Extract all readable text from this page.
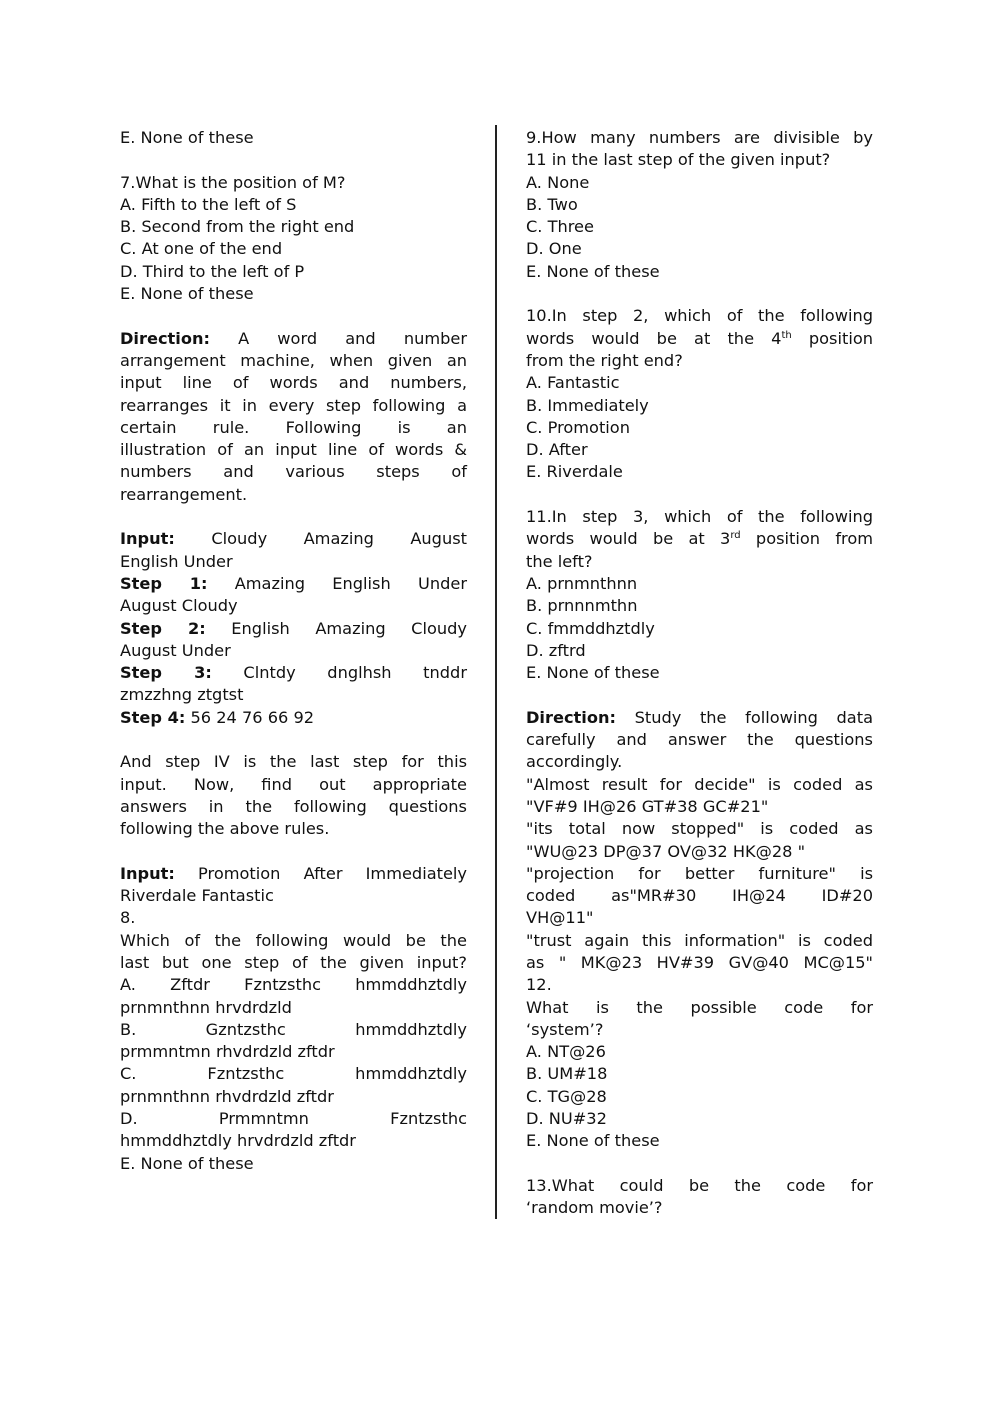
E. None of these

7.What is the position of M?
A. Fifth to the left of S
B. Second from the right end
C. At one of the end
D. Third to the left of P
E. None of these

Direction: A word and number
arrangement machine, when given an
input line of words and numbers,
rearranges it in every step following a
certain rule. Following is an
illustration of an input line of words &
numbers and various steps of
rearrangement.

Input: Cloudy Amazing August
English Under
Step 1: Amazing English Under
August Cloudy
Step 2: English Amazing Cloudy
August Under
Step 3: Clntdy dnglhsh tnddr
zmzzhng ztgtst
Step 4: 56 24 76 66 92

And step IV is the last step for this
input. Now, find out appropriate
answers in the following questions
following the above rules.

Input: Promotion After Immediately
Riverdale Fantastic
8.
Which of the following would be the
last but one step of the given input?
A. Zftdr Fzntzsthc hmmddhztdly
prnmnthnn hrvdrdzld
B. Gzntzsthc hmmddhztdly
prmmntmn rhvdrdzld zftdr
C. Fzntzsthc hmmddhztdly
prnmnthnn rhvdrdzld zftdr
D. Prmmntmn Fzntzsthc
hmmddhztdly hrvdrdzld zftdr
E. None of these
9.How many numbers are divisible by
11 in the last step of the given input?
A. None
B. Two
C. Three
D. One
E. None of these

10.In step 2, which of the following
words would be at the 4th position
from the right end?
A. Fantastic
B. Immediately
C. Promotion
D. After
E. Riverdale

11.In step 3, which of the following
words would be at 3rd position from
the left?
A. prnmnthnn
B. prnnnmthn
C. fmmddhztdly
D. zftrd
E. None of these

Direction: Study the following data
carefully and answer the questions
accordingly.
"Almost result for decide" is coded as
"VF#9 IH@26 GT#38 GC#21"
"its total now stopped" is coded as
"WU@23 DP@37 OV@32 HK@28 "
"projection for better furniture" is
coded as"MR#30 IH@24 ID#20
VH@11"
"trust again this information" is coded
as " MK@23 HV#39 GV@40 MC@15"
12.
What is the possible code for
‘system’?
A. NT@26
B. UM#18
C. TG@28
D. NU#32
E. None of these

13.What could be the code for
‘random movie’?
